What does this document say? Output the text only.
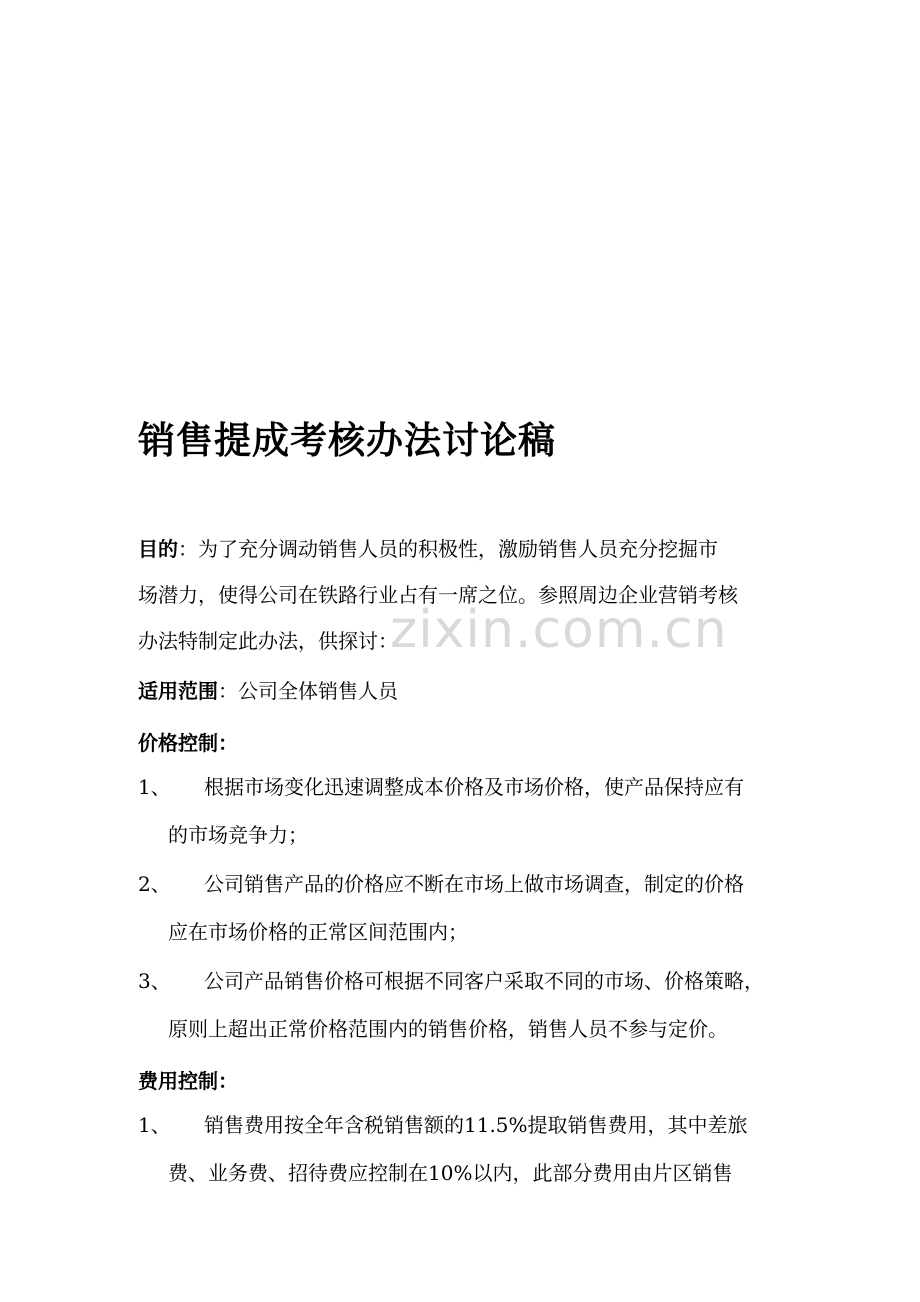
zixin.com.cn
销售提成考核办法讨论稿
目的：为了充分调动销售人员的积极性，激励销售人员充分挖掘市
场潜力，使得公司在铁路行业占有一席之位。参照周边企业营销考核
办法特制定此办法，供探讨：
适用范围：公司全体销售人员
价格控制：
1、	根据市场变化迅速调整成本价格及市场价格，使产品保持应有
的市场竞争力；
2、	公司销售产品的价格应不断在市场上做市场调查，制定的价格
应在市场价格的正常区间范围内；
3、	公司产品销售价格可根据不同客户采取不同的市场、价格策略，
原则上超出正常价格范围内的销售价格，销售人员不参与定价。
费用控制：
1、	销售费用按全年含税销售额的11.5%提取销售费用，其中差旅
费、业务费、招待费应控制在10%以内，此部分费用由片区销售
